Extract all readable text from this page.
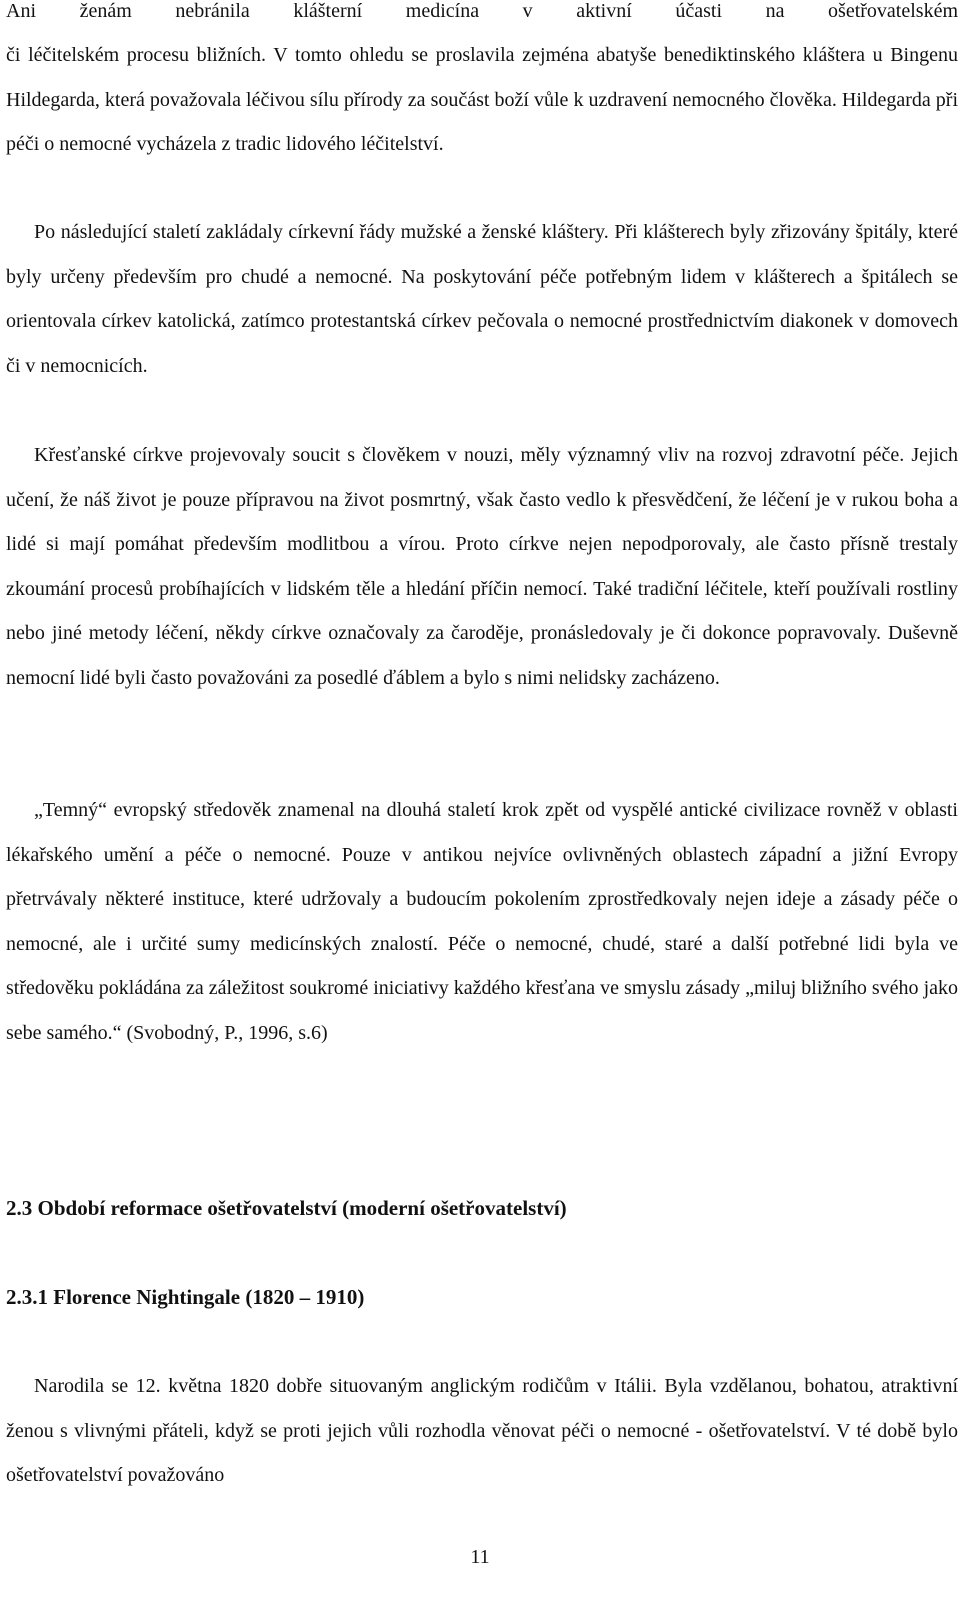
Ani ženám nebránila klášterní medicína v aktivní účasti na ošetřovatelském

či léčitelském procesu bližních. V tomto ohledu se proslavila zejména abatyše benediktinského kláštera u Bingenu Hildegarda, která považovala léčivou sílu přírody za součást boží vůle k uzdravení nemocného člověka. Hildegarda při péči o nemocné vycházela z tradic lidového léčitelství.

Po následující staletí zakládaly církevní řády mužské a ženské kláštery. Při klášterech byly zřizovány špitály, které byly určeny především pro chudé a nemocné. Na poskytování péče potřebným lidem v klášterech a špitálech se orientovala církev katolická, zatímco protestantská církev pečovala o nemocné prostřednictvím diakonek v domovech či v nemocnicích.

Křesťanské církve projevovaly soucit s člověkem v nouzi, měly významný vliv na rozvoj zdravotní péče. Jejich učení, že náš život je pouze přípravou na život posmrtný, však často vedlo k přesvědčení, že léčení je v rukou boha a lidé si mají pomáhat především modlitbou a vírou. Proto církve nejen nepodporovaly, ale často přísně trestaly zkoumání procesů probíhajících v lidském těle a hledání příčin nemocí. Také tradiční léčitele, kteří používali rostliny nebo jiné metody léčení, někdy církve označovaly za čaroděje, pronásledovaly je či dokonce popravovaly. Duševně nemocní lidé byli často považováni za posedlé ďáblem a bylo s nimi nelidsky zacházeno.

„Temný“ evropský středověk znamenal na dlouhá staletí krok zpět od vyspělé antické civilizace rovněž v oblasti lékařského umění a péče o nemocné. Pouze v antikou nejvíce ovlivněných oblastech západní a jižní Evropy přetrvávaly některé instituce, které udržovaly a budoucím pokolením zprostředkovaly nejen ideje a zásady péče o nemocné, ale i určité sumy medicínských znalostí. Péče o nemocné, chudé, staré a další potřebné lidi byla ve středověku pokládána za záležitost soukromé iniciativy každého křesťana ve smyslu zásady „miluj bližního svého jako sebe samého.“ (Svobodný, P., 1996, s.6)

2.3 Období reformace ošetřovatelství (moderní ošetřovatelství)
2.3.1 Florence Nightingale (1820 – 1910)

Narodila se 12. května 1820 dobře situovaným anglickým rodičům v Itálii. Byla vzdělanou, bohatou, atraktivní ženou s vlivnými přáteli, když se proti jejich vůli rozhodla věnovat péči o nemocné - ošetřovatelství. V té době bylo ošetřovatelství považováno

11
